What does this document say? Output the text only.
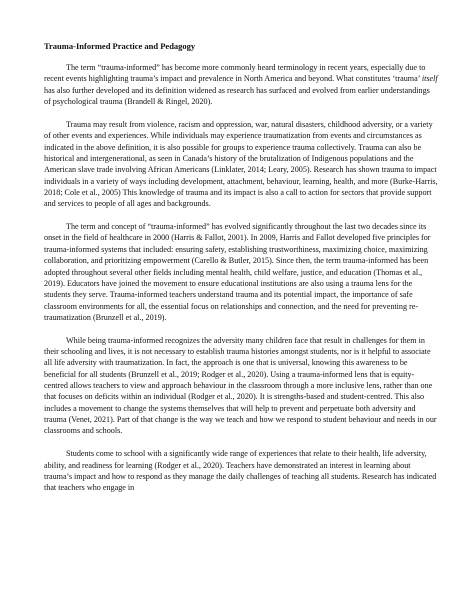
Trauma-Informed Practice and Pedagogy

The term “trauma-informed” has become more commonly heard terminology in recent years, especially due to recent events highlighting trauma’s impact and prevalence in North America and beyond. What constitutes ‘trauma’ itself has also further developed and its definition widened as research has surfaced and evolved from earlier understandings of psychological trauma (Brandell & Ringel, 2020).

Trauma may result from violence, racism and oppression, war, natural disasters, childhood adversity, or a variety of other events and experiences. While individuals may experience traumatization from events and circumstances as indicated in the above definition, it is also possible for groups to experience trauma collectively. Trauma can also be historical and intergenerational, as seen in Canada’s history of the brutalization of Indigenous populations and the American slave trade involving African Americans (Linklater, 2014; Leary, 2005). Research has shown trauma to impact individuals in a variety of ways including development, attachment, behaviour, learning, health, and more (Burke-Harris, 2018; Cole et al., 2005) This knowledge of trauma and its impact is also a call to action for sectors that provide support and services to people of all ages and backgrounds.

The term and concept of “trauma-informed” has evolved significantly throughout the last two decades since its onset in the field of healthcare in 2000 (Harris & Fallot, 2001). In 2009, Harris and Fallot developed five principles for trauma-informed systems that included: ensuring safety, establishing trustworthiness, maximizing choice, maximizing collaboration, and prioritizing empowerment (Carello & Butler, 2015). Since then, the term trauma-informed has been adopted throughout several other fields including mental health, child welfare, justice, and education (Thomas et al., 2019). Educators have joined the movement to ensure educational institutions are also using a trauma lens for the students they serve. Trauma-informed teachers understand trauma and its potential impact, the importance of safe classroom environments for all, the essential focus on relationships and connection, and the need for preventing re-traumatization (Brunzell et al., 2019).

While being trauma-informed recognizes the adversity many children face that result in challenges for them in their schooling and lives, it is not necessary to establish trauma histories amongst students, nor is it helpful to associate all life adversity with traumatization. In fact, the approach is one that is universal, knowing this awareness to be beneficial for all students (Brunzell et al., 2019; Rodger et al., 2020). Using a trauma-informed lens that is equity-centred allows teachers to view and approach behaviour in the classroom through a more inclusive lens, rather than one that focuses on deficits within an individual (Rodger et al., 2020). It is strengths-based and student-centred. This also includes a movement to change the systems themselves that will help to prevent and perpetuate both adversity and trauma (Venet, 2021). Part of that change is the way we teach and how we respond to student behaviour and needs in our classrooms and schools.

Students come to school with a significantly wide range of experiences that relate to their health, life adversity, ability, and readiness for learning (Rodger et al., 2020). Teachers have demonstrated an interest in learning about trauma’s impact and how to respond as they manage the daily challenges of teaching all students. Research has indicated that teachers who engage in
